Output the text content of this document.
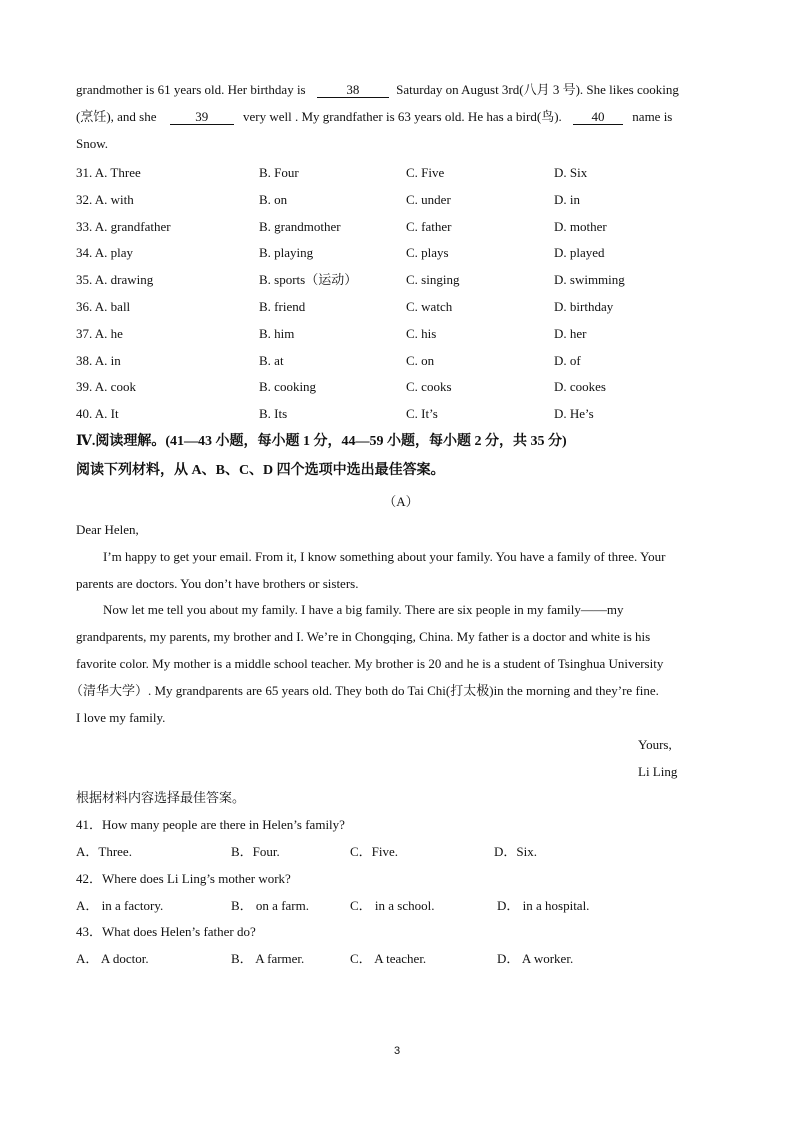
grandmother is 61 years old. Her birthday is	38	Saturday on August 3rd(八月 3 号). She likes cooking
(烹饪), and she	39	very well . My grandfather is 63 years old. He has a bird(鸟). 40 name is
Snow.
31. A. Three	B. Four	C. Five	D. Six
32. A. with	B. on	C. under	D. in
33. A. grandfather	B. grandmother	C. father	D. mother
34. A. play	B. playing	C. plays	D. played
35. A. drawing	B. sports（运动）	C. singing	D. swimming
36. A. ball	B. friend	C. watch	D. birthday
37. A. he	B. him	C. his	D. her
38. A. in	B. at	C. on	D. of
39. A. cook	B. cooking	C. cooks	D. cookes
40. A. It	B. Its	C. It’s	D. He’s
Ⅳ.阅读理解。(41—43 小题，每小题 1 分，44—59 小题，每小题 2 分，共 35 分)
阅读下列材料，从 A、B、C、D 四个选项中选出最佳答案。
（A）
Dear Helen,
I’m happy to get your email. From it, I know something about your family. You have a family of three. Your
parents are doctors. You don’t have brothers or sisters.
Now let me tell you about my family. I have a big family. There are six people in my family——my
grandparents, my parents, my brother and I. We’re in Chongqing, China. My father is a doctor and white is his
favorite color. My mother is a middle school teacher. My brother is 20 and he is a student of Tsinghua University
（清华大学）. My grandparents are 65 years old. They both do Tai Chi(打太极)in the morning and they’re fine.
I love my family.
Yours,
Li Ling
根据材料内容选择最佳答案。
41．How many people are there in Helen’s family?
A．Three.	B．Four.	C．Five.	D．Six.
42．Where does Li Ling’s mother work?
A． in a factory.	B． on a farm.	C． in a school.	D． in a hospital.
43．What does Helen’s father do?
A． A doctor.	B． A farmer.	C． A teacher.	D． A worker.
3
